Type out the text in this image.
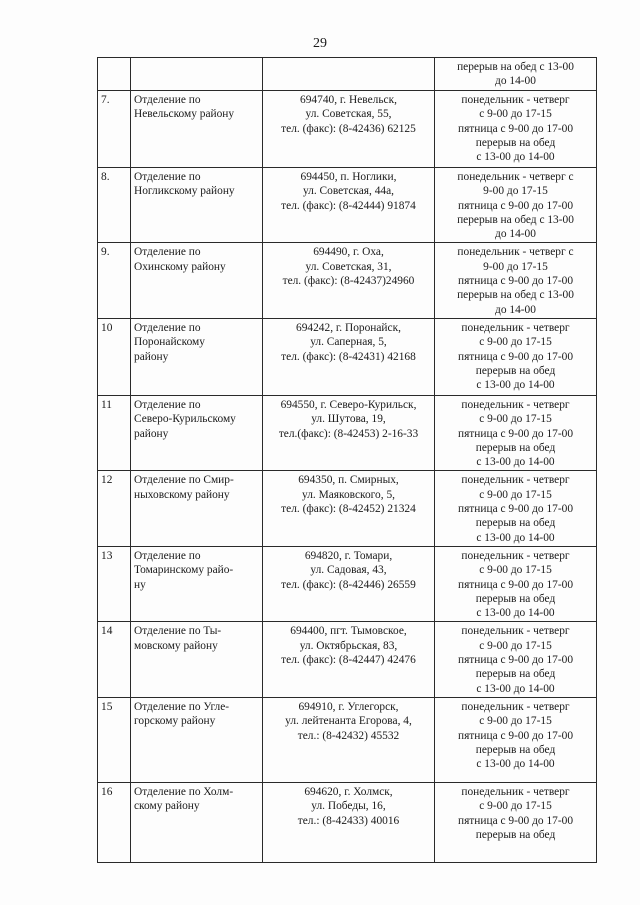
29

			перерыв на обед с 13-00
до 14-00

7.	Отделение по
Невельскому району	694740, г. Невельск,
ул. Советская, 55,
тел. (факс): (8-42436) 62125	понедельник - четверг
с 9-00 до 17-15
пятница с 9-00 до 17-00
перерыв на обед
с 13-00 до 14-00

8.	Отделение по
Ногликскому району	694450, п. Ноглики,
ул. Советская, 44а,
тел. (факс): (8-42444) 91874	понедельник - четверг с
9-00 до 17-15
пятница с 9-00 до 17-00
перерыв на обед с 13-00
до 14-00

9.	Отделение по
Охинскому району	694490, г. Оха,
ул. Советская, 31,
тел. (факс): (8-42437)24960	понедельник - четверг с
9-00 до 17-15
пятница с 9-00 до 17-00
перерыв на обед с 13-00
до 14-00

10	Отделение по
Поронайскому
району	694242, г. Поронайск,
ул. Саперная, 5,
тел. (факс): (8-42431) 42168	понедельник - четверг
с 9-00 до 17-15
пятница с 9-00 до 17-00
перерыв на обед
с 13-00 до 14-00

11	Отделение по
Северо-Курильскому
району	694550, г. Северо-Курильск,
ул. Шутова, 19,
тел.(факс): (8-42453) 2-16-33	понедельник - четверг
с 9-00 до 17-15
пятница с 9-00 до 17-00
перерыв на обед
с 13-00 до 14-00

12	Отделение по Смир-
ныховскому району	694350, п. Смирных,
ул. Маяковского, 5,
тел. (факс): (8-42452) 21324	понедельник - четверг
с 9-00 до 17-15
пятница с 9-00 до 17-00
перерыв на обед
с 13-00 до 14-00

13	Отделение по
Томаринскому райо-
ну	694820, г. Томари,
ул. Садовая, 43,
тел. (факс): (8-42446) 26559	понедельник - четверг
с 9-00 до 17-15
пятница с 9-00 до 17-00
перерыв на обед
с 13-00 до 14-00

14	Отделение по Ты-
мовскому району	694400, пгт. Тымовское,
ул. Октябрьская, 83,
тел. (факс): (8-42447) 42476	понедельник - четверг
с 9-00 до 17-15
пятница с 9-00 до 17-00
перерыв на обед
с 13-00 до 14-00

15	Отделение по Угле-
горскому району	694910, г. Углегорск,
ул. лейтенанта Егорова, 4,
тел.: (8-42432) 45532	понедельник - четверг
с 9-00 до 17-15
пятница с 9-00 до 17-00
перерыв на обед
с 13-00 до 14-00

16	Отделение по Холм-
скому району	694620, г. Холмск,
ул. Победы, 16,
тел.: (8-42433) 40016	понедельник - четверг
с 9-00 до 17-15
пятница с 9-00 до 17-00
перерыв на обед
